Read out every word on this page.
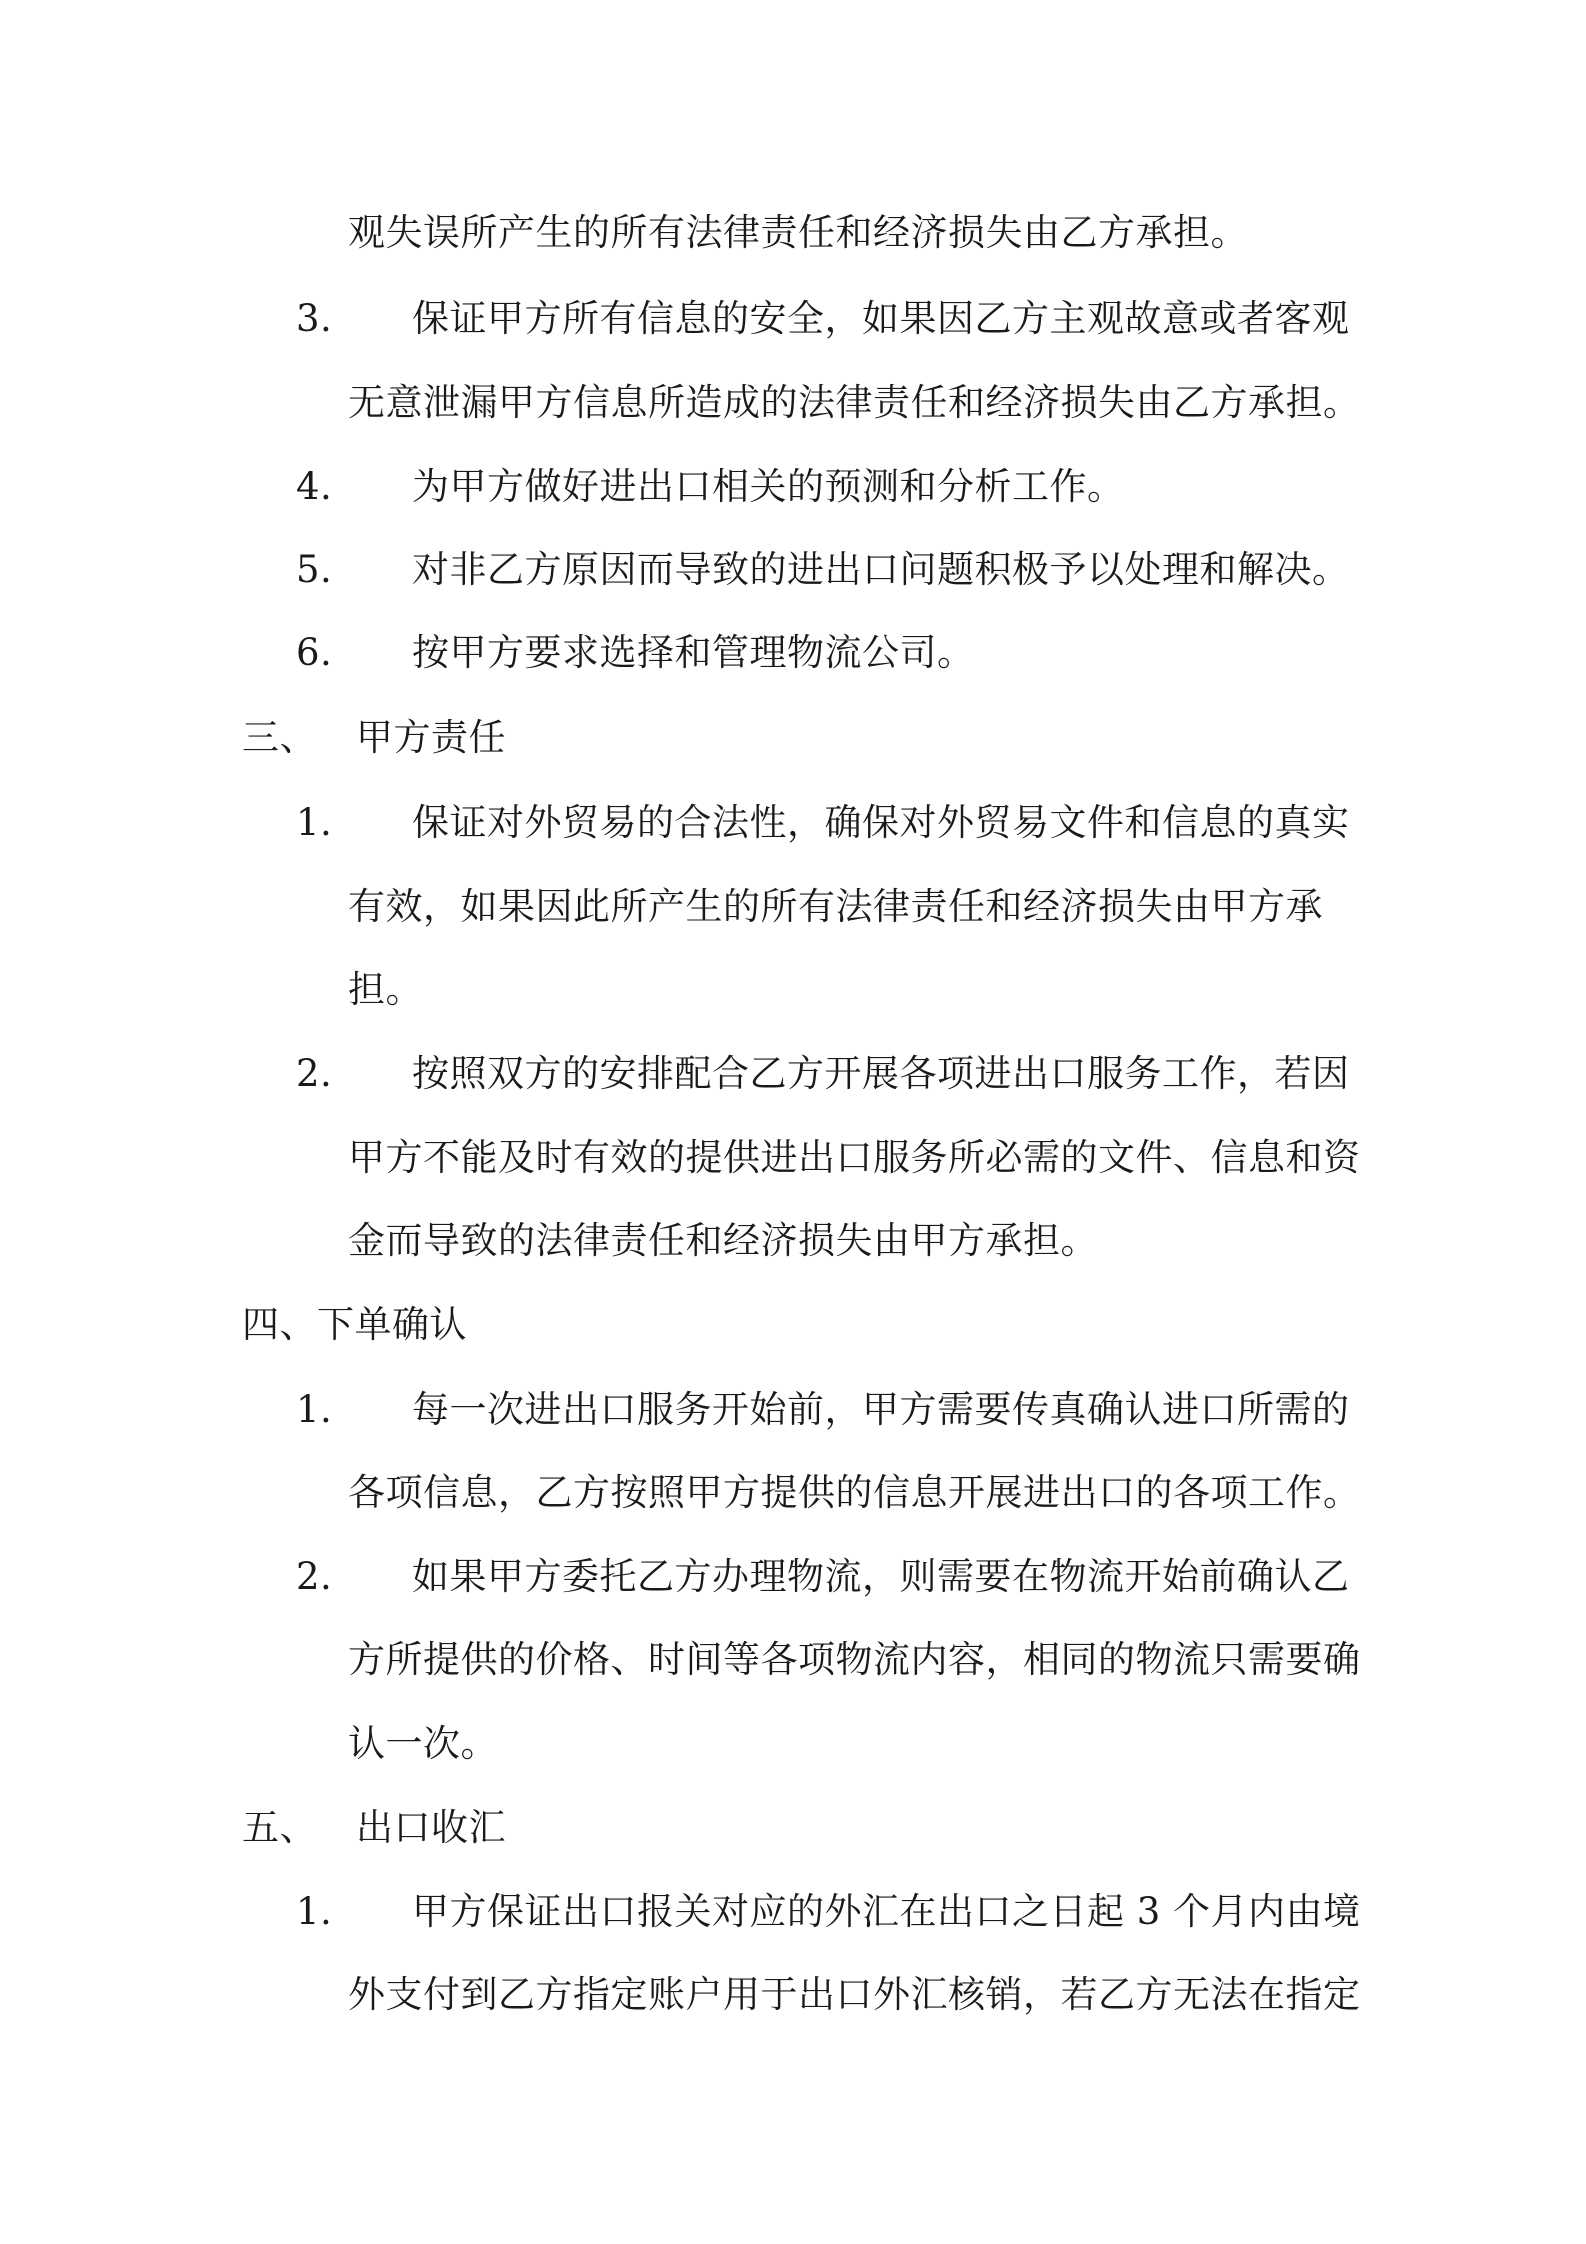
观失误所产生的所有法律责任和经济损失由乙方承担。
3. 保证甲方所有信息的安全，如果因乙方主观故意或者客观
无意泄漏甲方信息所造成的法律责任和经济损失由乙方承担。
4. 为甲方做好进出口相关的预测和分析工作。
5. 对非乙方原因而导致的进出口问题积极予以处理和解决。
6. 按甲方要求选择和管理物流公司。
三、 甲方责任
1. 保证对外贸易的合法性，确保对外贸易文件和信息的真实
有效，如果因此所产生的所有法律责任和经济损失由甲方承
担。
2. 按照双方的安排配合乙方开展各项进出口服务工作，若因
甲方不能及时有效的提供进出口服务所必需的文件、信息和资
金而导致的法律责任和经济损失由甲方承担。
四、下单确认
1. 每一次进出口服务开始前，甲方需要传真确认进口所需的
各项信息，乙方按照甲方提供的信息开展进出口的各项工作。
2. 如果甲方委托乙方办理物流，则需要在物流开始前确认乙
方所提供的价格、时间等各项物流内容，相同的物流只需要确
认一次。
五、 出口收汇
1. 甲方保证出口报关对应的外汇在出口之日起 3 个月内由境
外支付到乙方指定账户用于出口外汇核销，若乙方无法在指定
